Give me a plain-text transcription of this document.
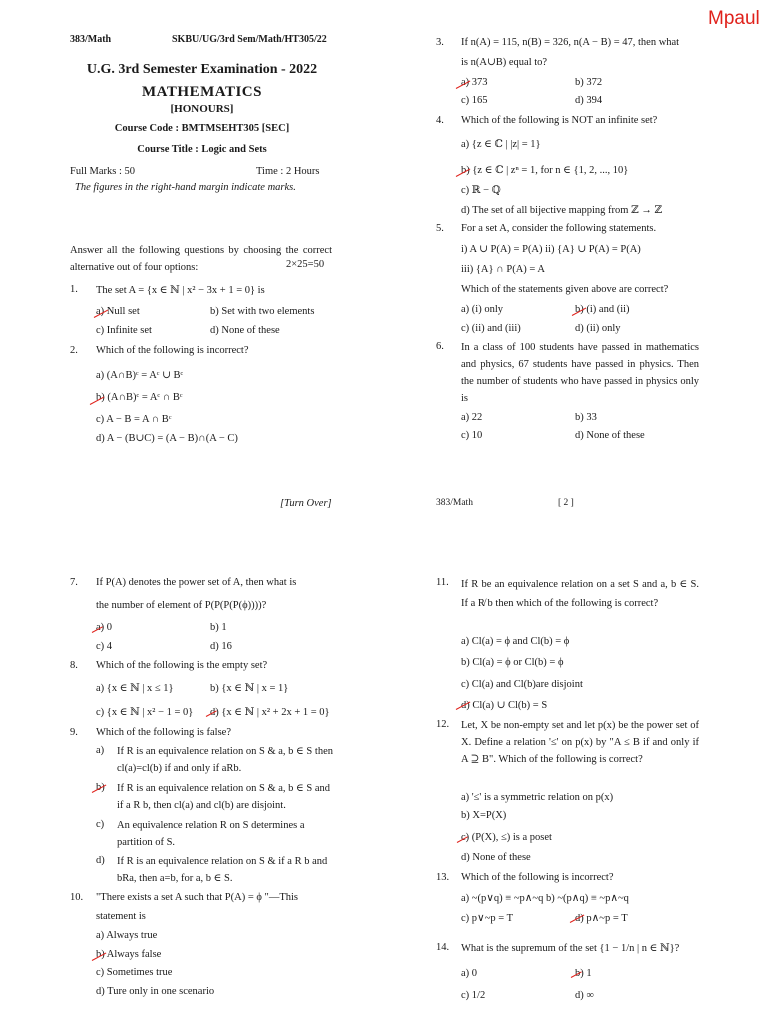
Mpaul
383/Math	SKBU/UG/3rd Sem/Math/HT305/22
U.G. 3rd Semester Examination - 2022
MATHEMATICS
[HONOURS]
Course Code : BMTMSEHT305 [SEC]
Course Title : Logic and Sets
Full Marks : 50	Time : 2 Hours
The figures in the right-hand margin indicate marks.
Answer all the following questions by choosing the correct alternative out of four options:	2×25=50
1. The set A = {x ∈ ℕ | x² − 3x + 1 = 0} is
a) Null set	b) Set with two elements
c) Infinite set	d) None of these
2. Which of the following is incorrect?
a) (A∩B)ᶜ = Aᶜ ∪ Bᶜ
b) (A∩B)ᶜ = Aᶜ ∩ Bᶜ
c) A − B = A ∩ Bᶜ
d) A − (B∪C) = (A − B)∩(A − C)
[Turn Over]
3. If n(A) = 115, n(B) = 326, n(A − B) = 47, then what
is n(A∪B) equal to?
a) 373	b) 372
c) 165	d) 394
4. Which of the following is NOT an infinite set?
a) {z ∈ ℂ | |z| = 1}
b) {z ∈ ℂ | zⁿ = 1, for n ∈ {1, 2, ..., 10}
c) ℝ − ℚ
d) The set of all bijective mapping from ℤ → ℤ
5. For a set A, consider the following statements.
i) A ∪ P(A) = P(A) ii) {A} ∪ P(A) = P(A)
iii) {A} ∩ P(A) = A
Which of the statements given above are correct?
a) (i) only	b) (i) and (ii)
c) (ii) and (iii)	d) (ii) only
6. In a class of 100 students have passed in mathematics and physics, 67 students have passed in physics. Then the number of students who have passed in physics only is
a) 22	b) 33
c) 10	d) None of these
383/Math	[ 2 ]
7. If P(A) denotes the power set of A, then what is
the number of element of P(P(P(P(ϕ))))?
a) 0	b) 1
c) 4	d) 16
8. Which of the following is the empty set?
a) {x ∈ ℕ | x ≤ 1}	b) {x ∈ ℕ | x = 1}
c) {x ∈ ℕ | x² − 1 = 0} d) {x ∈ ℕ | x² + 2x + 1 = 0}
9. Which of the following is false?
a) If R is an equivalence relation on S & a, b ∈ S then cl(a)=cl(b) if and only if aRb.
b) If R is an equivalence relation on S & a, b ∈ S and if a R b, then cl(a) and cl(b) are disjoint.
c) An equivalence relation R on S determines a partition of S.
d) If R is an equivalence relation on S & if a R b and bRa, then a=b, for a, b ∈ S.
10. "There exists a set A such that P(A) = ϕ "—This
statement is
a) Always true
b) Always false
c) Sometimes true
d) Ture only in one scenario
11. If R be an equivalence relation on a set S and a, b ∈ S. If a R̸ b then which of the following is correct?
a) Cl(a) = ϕ and Cl(b) = ϕ
b) Cl(a) = ϕ or Cl(b) = ϕ
c) Cl(a) and Cl(b)are disjoint
d) Cl(a) ∪ Cl(b) = S
12. Let, X be non-empty set and let p(x) be the power set of X. Define a relation '≤' on p(x) by "A ≤ B if and only if A ⊇ B". Which of the following is correct?
a) '≤' is a symmetric relation on p(x)
b) X=P(X)
c) (P(X), ≤) is a poset
d) None of these
13. Which of the following is incorrect?
a) ~(p∨q) ≡ ~p∧~q b) ~(p∧q) ≡ ~p∧~q
c) p∨~p = T	d) p∧~p = T
14. What is the supremum of the set {1 − 1/n | n ∈ ℕ}?
a) 0	b) 1
c) 1/2	d) ∞
